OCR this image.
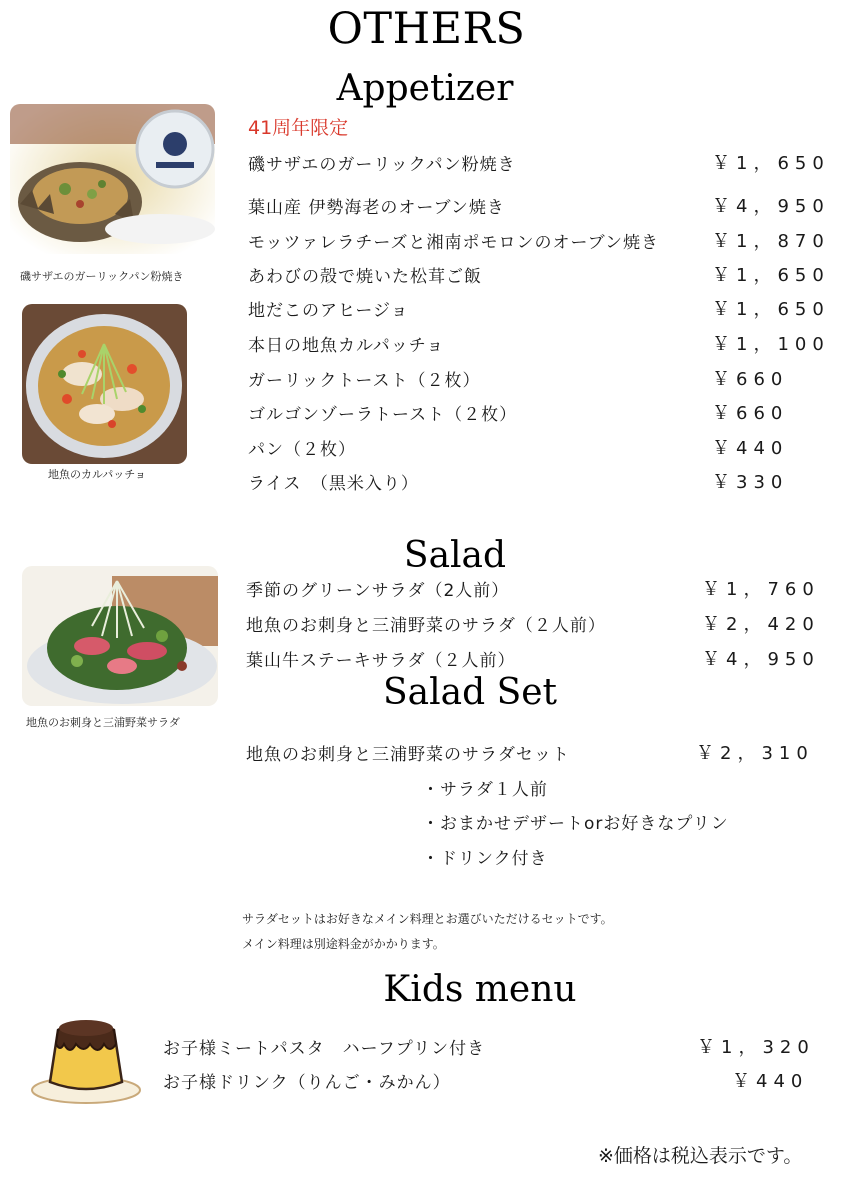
OTHERS
Appetizer
磯サザエのガーリックパン粉焼き
地魚のカルパッチョ
41周年限定
磯サザエのガーリックパン粉焼き	￥1，650
葉山産 伊勢海老のオーブン焼き	￥4，950
モッツァレラチーズと湘南ポモロンのオーブン焼き	￥1，870
あわびの殻で焼いた松茸ご飯	￥1，650
地だこのアヒージョ	￥1，650
本日の地魚カルパッチョ	￥1，100
ガーリックトースト（２枚）	￥660
ゴルゴンゾーラトースト（２枚）	￥660
パン（２枚）	￥440
ライス　（黒米入り）	￥330
Salad
地魚のお刺身と三浦野菜サラダ
季節のグリーンサラダ（2人前）	￥1，760
地魚のお刺身と三浦野菜のサラダ（２人前）	￥2，420
葉山牛ステーキサラダ（２人前）	￥4，950
Salad Set
地魚のお刺身と三浦野菜のサラダセット	￥2，310
・サラダ１人前
・おまかせデザートorお好きなプリン
・ドリンク付き
サラダセットはお好きなメイン料理とお選びいただけるセットです。
メイン料理は別途料金がかかります。
Kids menu
お子様ミートパスタ　ハーフプリン付き	￥1，320
お子様ドリンク（りんご・みかん）	￥440
※価格は税込表示です。
